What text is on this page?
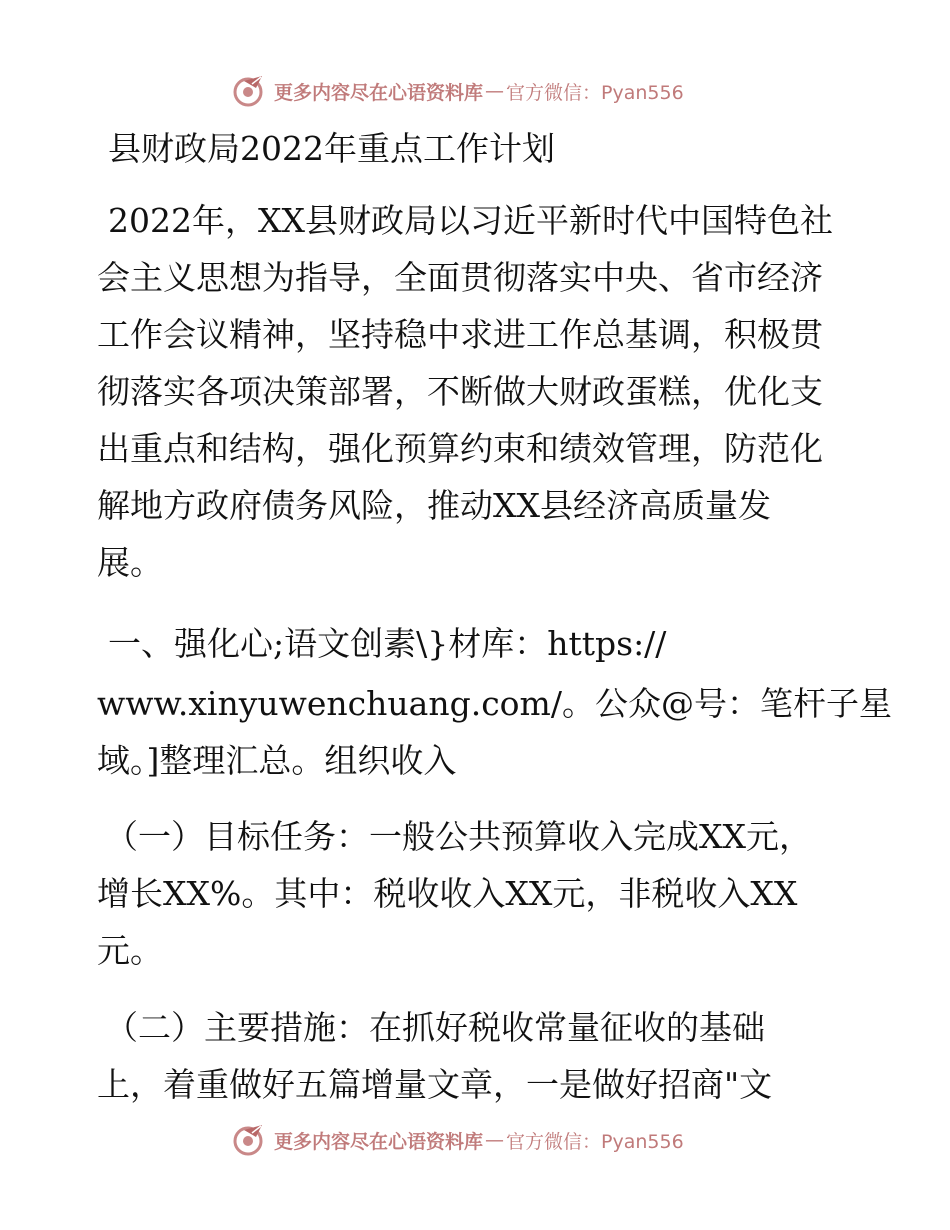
更多内容尽在心语资料库 — 官方微信：Pyan556
县财政局2022年重点工作计划
2022年，XX县财政局以习近平新时代中国特色社
会主义思想为指导，全面贯彻落实中央、省市经济
工作会议精神，坚持稳中求进工作总基调，积极贯
彻落实各项决策部署，不断做大财政蛋糕，优化支
出重点和结构，强化预算约束和绩效管理，防范化
解地方政府债务风险，推动XX县经济高质量发
展。
一、强化心;语文创素\}材库：https://
www.xinyuwenchuang.com/。公众@号：笔杆子星
域。]整理汇总。组织收入
（一）目标任务：一般公共预算收入完成XX元，
增长XX%。其中：税收收入XX元，非税收入XX
元。
（二）主要措施：在抓好税收常量征收的基础
上，着重做好五篇增量文章，一是做好招商"文
更多内容尽在心语资料库 — 官方微信：Pyan556
